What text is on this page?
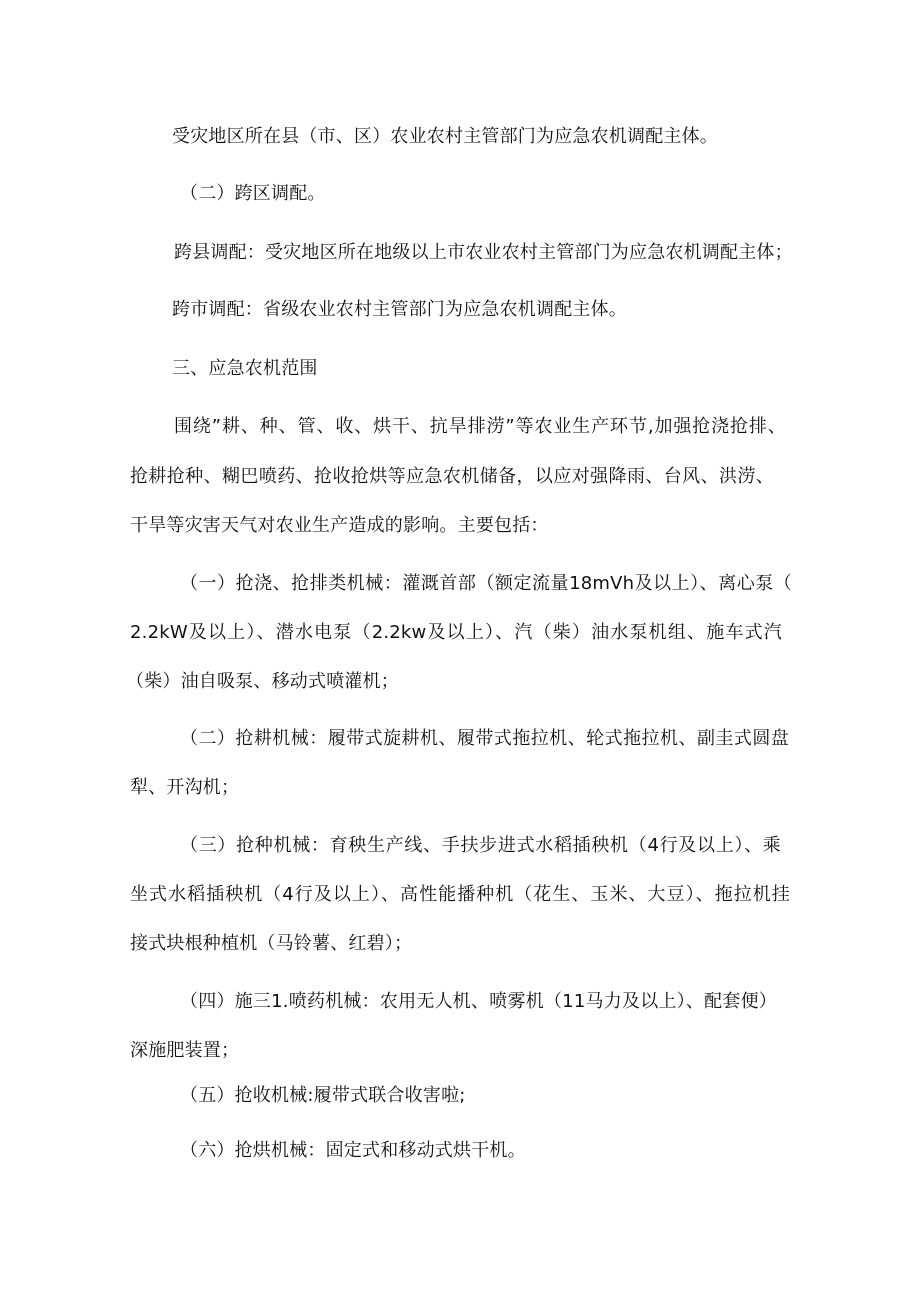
受灾地区所在县（市、区）农业农村主管部门为应急农机调配主体。

（二）跨区调配。

跨县调配：受灾地区所在地级以上市农业农村主管部门为应急农机调配主体；

跨市调配：省级农业农村主管部门为应急农机调配主体。

三、应急农机范围

围绕”耕、种、管、收、烘干、抗旱排涝”等农业生产环节,加强抢浇抢排、

抢耕抢种、糊巴喷药、抢收抢烘等应急农机储备，以应对强降雨、台风、洪涝、

干旱等灾害天气对农业生产造成的影响。主要包括：

（一）抢浇、抢排类机械：灌溉首部（额定流量18mVh及以上）、离心泵（

2.2kW及以上）、潜水电泵（2.2kw及以上）、汽（柴）油水泵机组、施车式汽

（柴）油自吸泵、移动式喷灌机；

（二）抢耕机械：履带式旋耕机、履带式拖拉机、轮式拖拉机、副圭式圆盘

犁、开沟机；

（三）抢种机械：育秧生产线、手扶步进式水稻插秧机（4行及以上）、乘

坐式水稻插秧机（4行及以上）、高性能播种机（花生、玉米、大豆）、拖拉机挂

接式块根种植机（马铃薯、红碧）；

（四）施三1.喷药机械：农用无人机、喷雾机（11马力及以上）、配套便）

深施肥装置；

（五）抢收机械:履带式联合收害啦;

（六）抢烘机械：固定式和移动式烘干机。
